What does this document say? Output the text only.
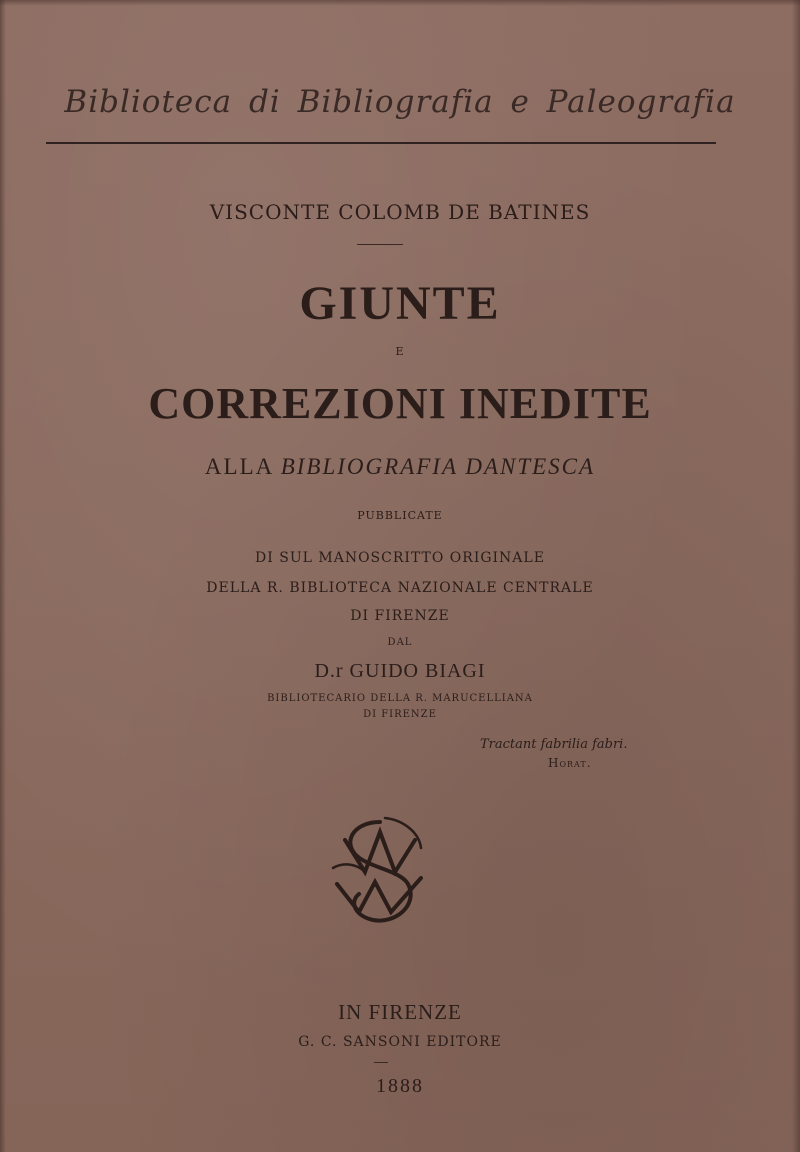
Biblioteca di Bibliografia e Paleografia
VISCONTE COLOMB DE BATINES
GIUNTE
E
CORREZIONI INEDITE
ALLA BIBLIOGRAFIA DANTESCA
PUBBLICATE
DI SUL MANOSCRITTO ORIGINALE
DELLA R. BIBLIOTECA NAZIONALE CENTRALE
DI FIRENZE
DAL
D.r GUIDO BIAGI
BIBLIOTECARIO DELLA R. MARUCELLIANA
DI FIRENZE
Tractant fabrilia fabri.
Horat.
IN FIRENZE
G. C. SANSONI EDITORE
1888
